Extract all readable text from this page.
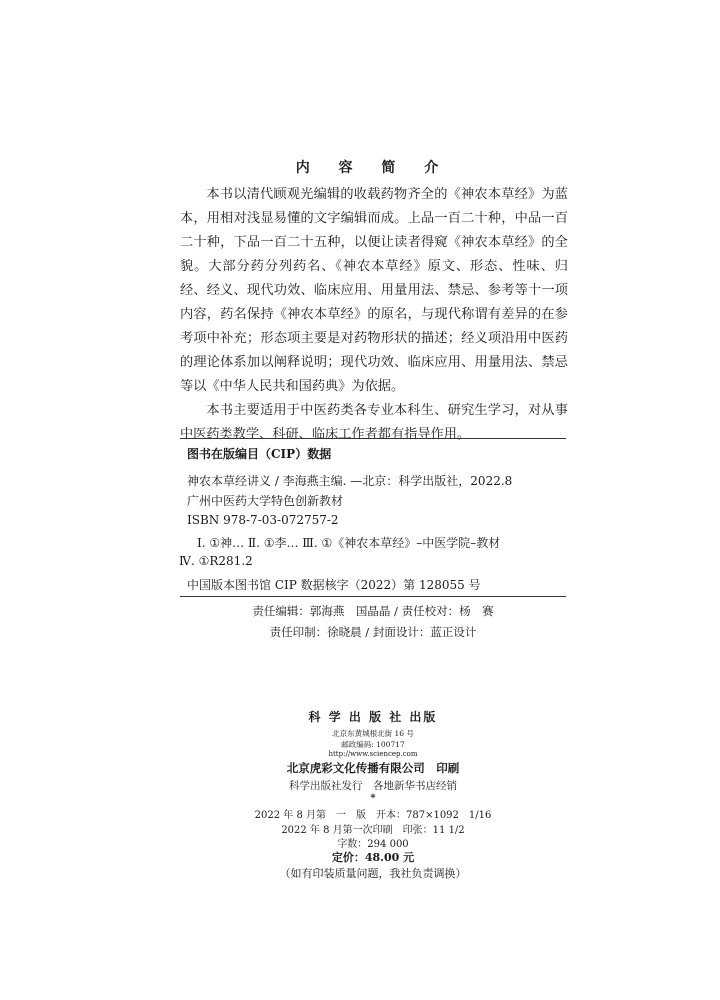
内 容 简 介

本书以清代顾观光编辑的收载药物齐全的《神农本草经》为蓝本，用相对浅显易懂的文字编辑而成。上品一百二十种，中品一百二十种，下品一百二十五种，以便让读者得窥《神农本草经》的全貌。大部分药分列药名、《神农本草经》原文、形态、性味、归经、经义、现代功效、临床应用、用量用法、禁忌、参考等十一项内容，药名保持《神农本草经》的原名，与现代称谓有差异的在参考项中补充；形态项主要是对药物形状的描述；经义项沿用中医药的理论体系加以阐释说明；现代功效、临床应用、用量用法、禁忌等以《中华人民共和国药典》为依据。

本书主要适用于中医药类各专业本科生、研究生学习，对从事中医药类教学、科研、临床工作者都有指导作用。

图书在版编目（CIP）数据
神农本草经讲义 / 李海燕主编. —北京：科学出版社，2022.8
广州中医药大学特色创新教材
ISBN 978-7-03-072757-2
Ⅰ. ①神… Ⅱ. ①李… Ⅲ. ①《神农本草经》–中医学院–教材
Ⅳ. ①R281.2
中国版本图书馆 CIP 数据核字（2022）第 128055 号
责任编辑：郭海燕　国晶晶 / 责任校对：杨　赛
责任印制：徐晓晨 / 封面设计：蓝正设计
科 学 出 版 社 出版
北京东黄城根北街 16 号
邮政编码: 100717
http://www.sciencep.com
北京虎彩文化传播有限公司　印刷
科学出版社发行　各地新华书店经销
*
2022 年 8 月第　一　版　开本：787×1092　1/16
2022 年 8 月第一次印刷　印张：11 1/2
字数：294 000
定价：48.00 元
（如有印装质量问题，我社负责调换）
